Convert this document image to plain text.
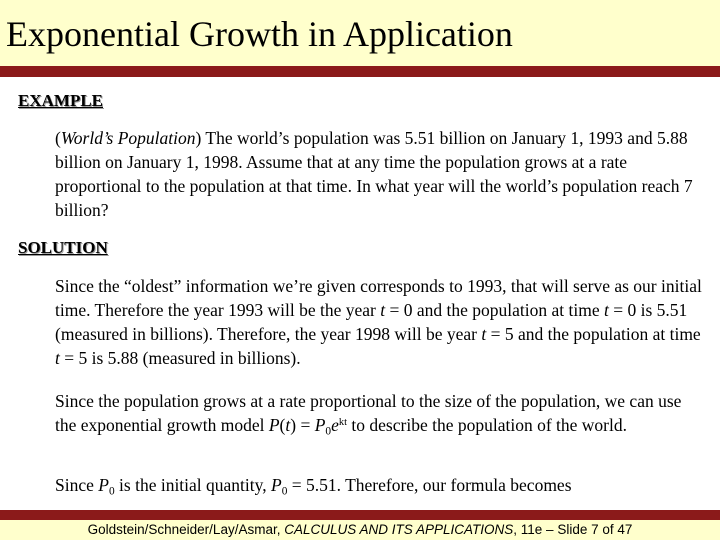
Exponential Growth in Application
EXAMPLE
(World’s Population) The world’s population was 5.51 billion on January 1, 1993 and 5.88 billion on January 1, 1998. Assume that at any time the population grows at a rate proportional to the population at that time. In what year will the world’s population reach 7 billion?
SOLUTION
Since the “oldest” information we’re given corresponds to 1993, that will serve as our initial time. Therefore the year 1993 will be the year t = 0 and the population at time t = 0 is 5.51 (measured in billions). Therefore, the year 1998 will be year t = 5 and the population at time t = 5 is 5.88 (measured in billions).
Since the population grows at a rate proportional to the size of the population, we can use the exponential growth model $P(t) = P_0e^{kt}$ to describe the population of the world.
Since $P_0$ is the initial quantity, $P_0 = 5.51$. Therefore, our formula becomes
Goldstein/Schneider/Lay/Asmar, CALCULUS AND ITS APPLICATIONS, 11e – Slide 7 of 47
